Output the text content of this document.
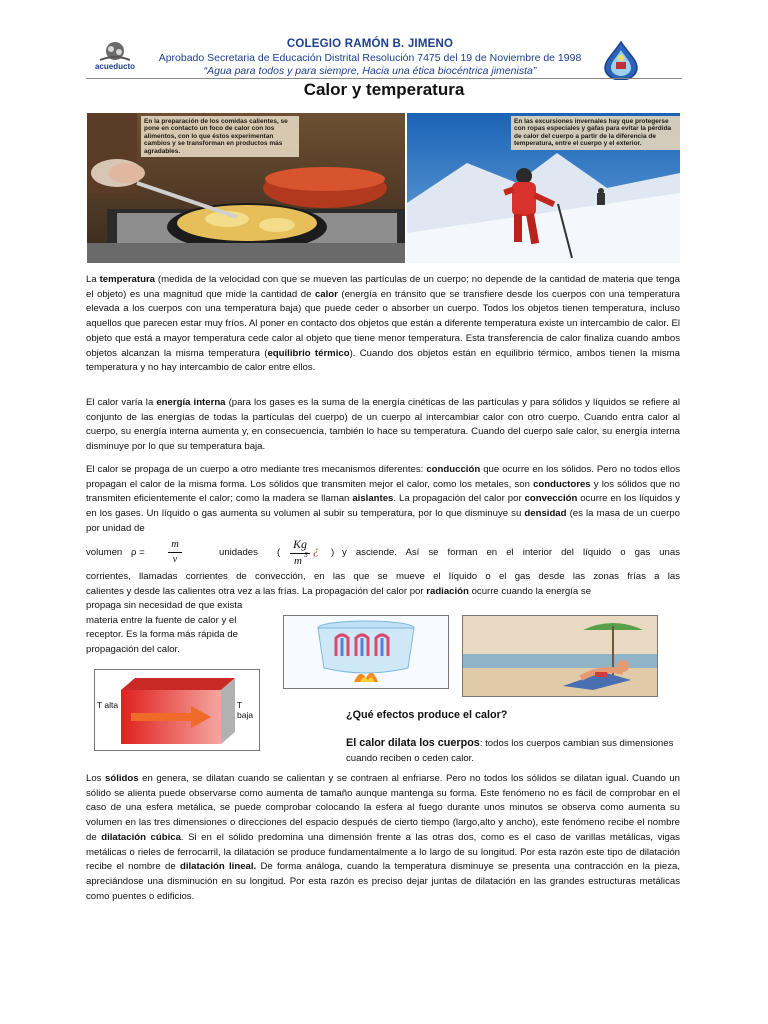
acueducto
COLEGIO RAMÓN B. JIMENO
Aprobado Secretaria de Educación Distrital Resolución 7475 del 19 de Noviembre de 1998
“Agua para todos y para siempre, Hacia una ética biocéntrica jimenista”
Calor y temperatura
En la preparación de los comidas calientes, se pone en contacto un foco de calor con los alimentos, con lo que éstos experimentan cambios y se transforman en productos más agradables.
En las excursiones invernales hay que protegerse con ropas especiales y gafas para evitar la pérdida de calor del cuerpo a partir de la diferencia de temperatura, entre el cuerpo y el exterior.
La temperatura (medida de la velocidad con que se mueven las partículas de un cuerpo; no depende de la cantidad de materia que tenga el objeto) es una magnitud que mide la cantidad de calor (energía en tránsito que se transfiere desde los cuerpos con una temperatura elevada a los cuerpos con una temperatura baja) que puede ceder o absorber un cuerpo. Todos los objetos tienen temperatura, incluso aquellos que parecen estar muy fríos. Al poner en contacto dos objetos que están a diferente temperatura existe un intercambio de calor. El objeto que está a mayor temperatura cede calor al objeto que tiene menor temperatura. Esta transferencia de calor finaliza cuando ambos objetos alcanzan la misma temperatura (equilibrio térmico). Cuando dos objetos están en equilibrio térmico, ambos tienen la misma temperatura y no hay intercambio de calor entre ellos.
El calor varía la energía interna (para los gases es la suma de la energía cinéticas de las partículas y para sólidos y líquidos se refiere al conjunto de las energías de todas la partículas del cuerpo) de un cuerpo al intercambiar calor con otro cuerpo. Cuando entra calor al cuerpo, su energía interna aumenta y, en consecuencia, también lo hace su temperatura. Cuando del cuerpo sale calor, su energía interna disminuye por lo que su temperatura baja.
El calor se propaga de un cuerpo a otro mediante tres mecanismos diferentes: conducción que ocurre en los sólidos. Pero no todos ellos propagan el calor de la misma forma. Los sólidos que transmiten mejor el calor, como los metales, son conductores y los sólidos que no transmiten eficientemente el calor; como la madera se llaman aislantes. La propagación del calor por convección ocurre en los líquidos y en los gases. Un líquido o gas aumenta su volumen al subir su temperatura, por lo que disminuye su densidad (es la masa de un cuerpo por unidad de
volumen ρ =
m
v
unidades (
Kg
m 3 ¿ ) y asciende. Así se forman en el interior del líquido o gas unas
corrientes, llamadas corrientes de convección, en las que se mueve el líquido o el gas desde las zonas frías a las
calientes y desde las calientes otra vez a las frías. La propagación del calor por radiación ocurre cuando la energía se
propaga sin necesidad de que exista
materia entre la fuente de calor y el
receptor. Es la forma más rápida de
propagación del calor.
T alta	T baja	¿Qué efectos produce el calor?
El calor dilata los cuerpos: todos los cuerpos cambian sus dimensiones cuando reciben o ceden calor.
Los sólidos en genera, se dilatan cuando se calientan y se contraen al enfriarse. Pero no todos los sólidos se dilatan igual. Cuando un sólido se alienta puede observarse como aumenta de tamaño aunque mantenga su forma. Este fenómeno no es fácil de comprobar en el caso de una esfera metálica, se puede comprobar colocando la esfera al fuego durante unos minutos se observa como aumenta su volumen en las tres dimensiones o direcciones del espacio después de cierto tiempo (largo,alto y ancho), este fenómeno recibe el nombre de dilatación cúbica. Si en el sólido predomina una dimensión frente a las otras dos, como es el caso de varillas metálicas, vigas metálicas o rieles de ferrocarril, la dilatación se produce fundamentalmente a lo largo de su longitud. Por esta razón este tipo de dilatación recibe el nombre de dilatación lineal. De forma análoga, cuando la temperatura disminuye se presenta una contracción en la pieza, apreciándose una disminución en su longitud. Por esta razón es preciso dejar juntas de dilatación en las grandes estructuras metálicas como puentes o edificios.
